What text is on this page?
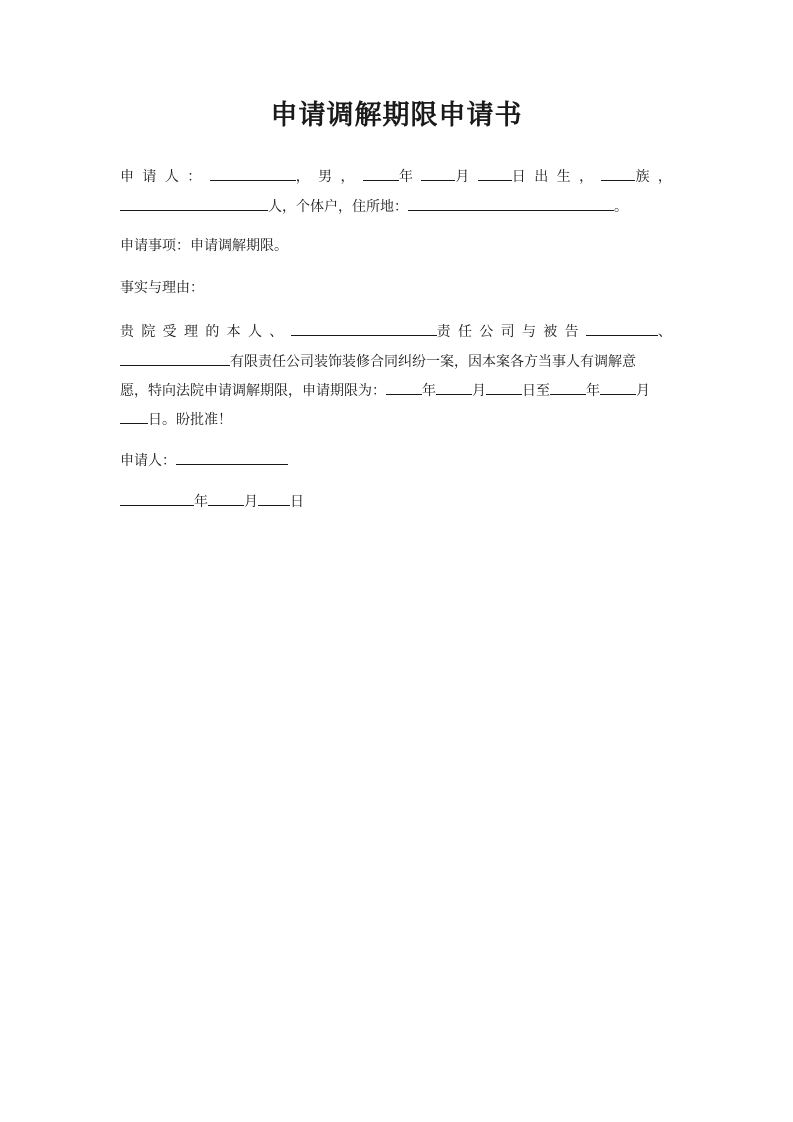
申请调解期限申请书
申 请 人 ：	， 男 ，	年	月	日 出 生 ，	族 ，
人，个体户，住所地：	。
申请事项：申请调解期限。
事实与理由：
贵 院 受 理 的 本 人 、	责 任 公 司 与 被 告	、
有限责任公司装饰装修合同纠纷一案，因本案各方当事人有调解意
愿，特向法院申请调解期限，申请期限为：	年	月	日至	年	月
日。盼批准！
申请人：
年	月 日
